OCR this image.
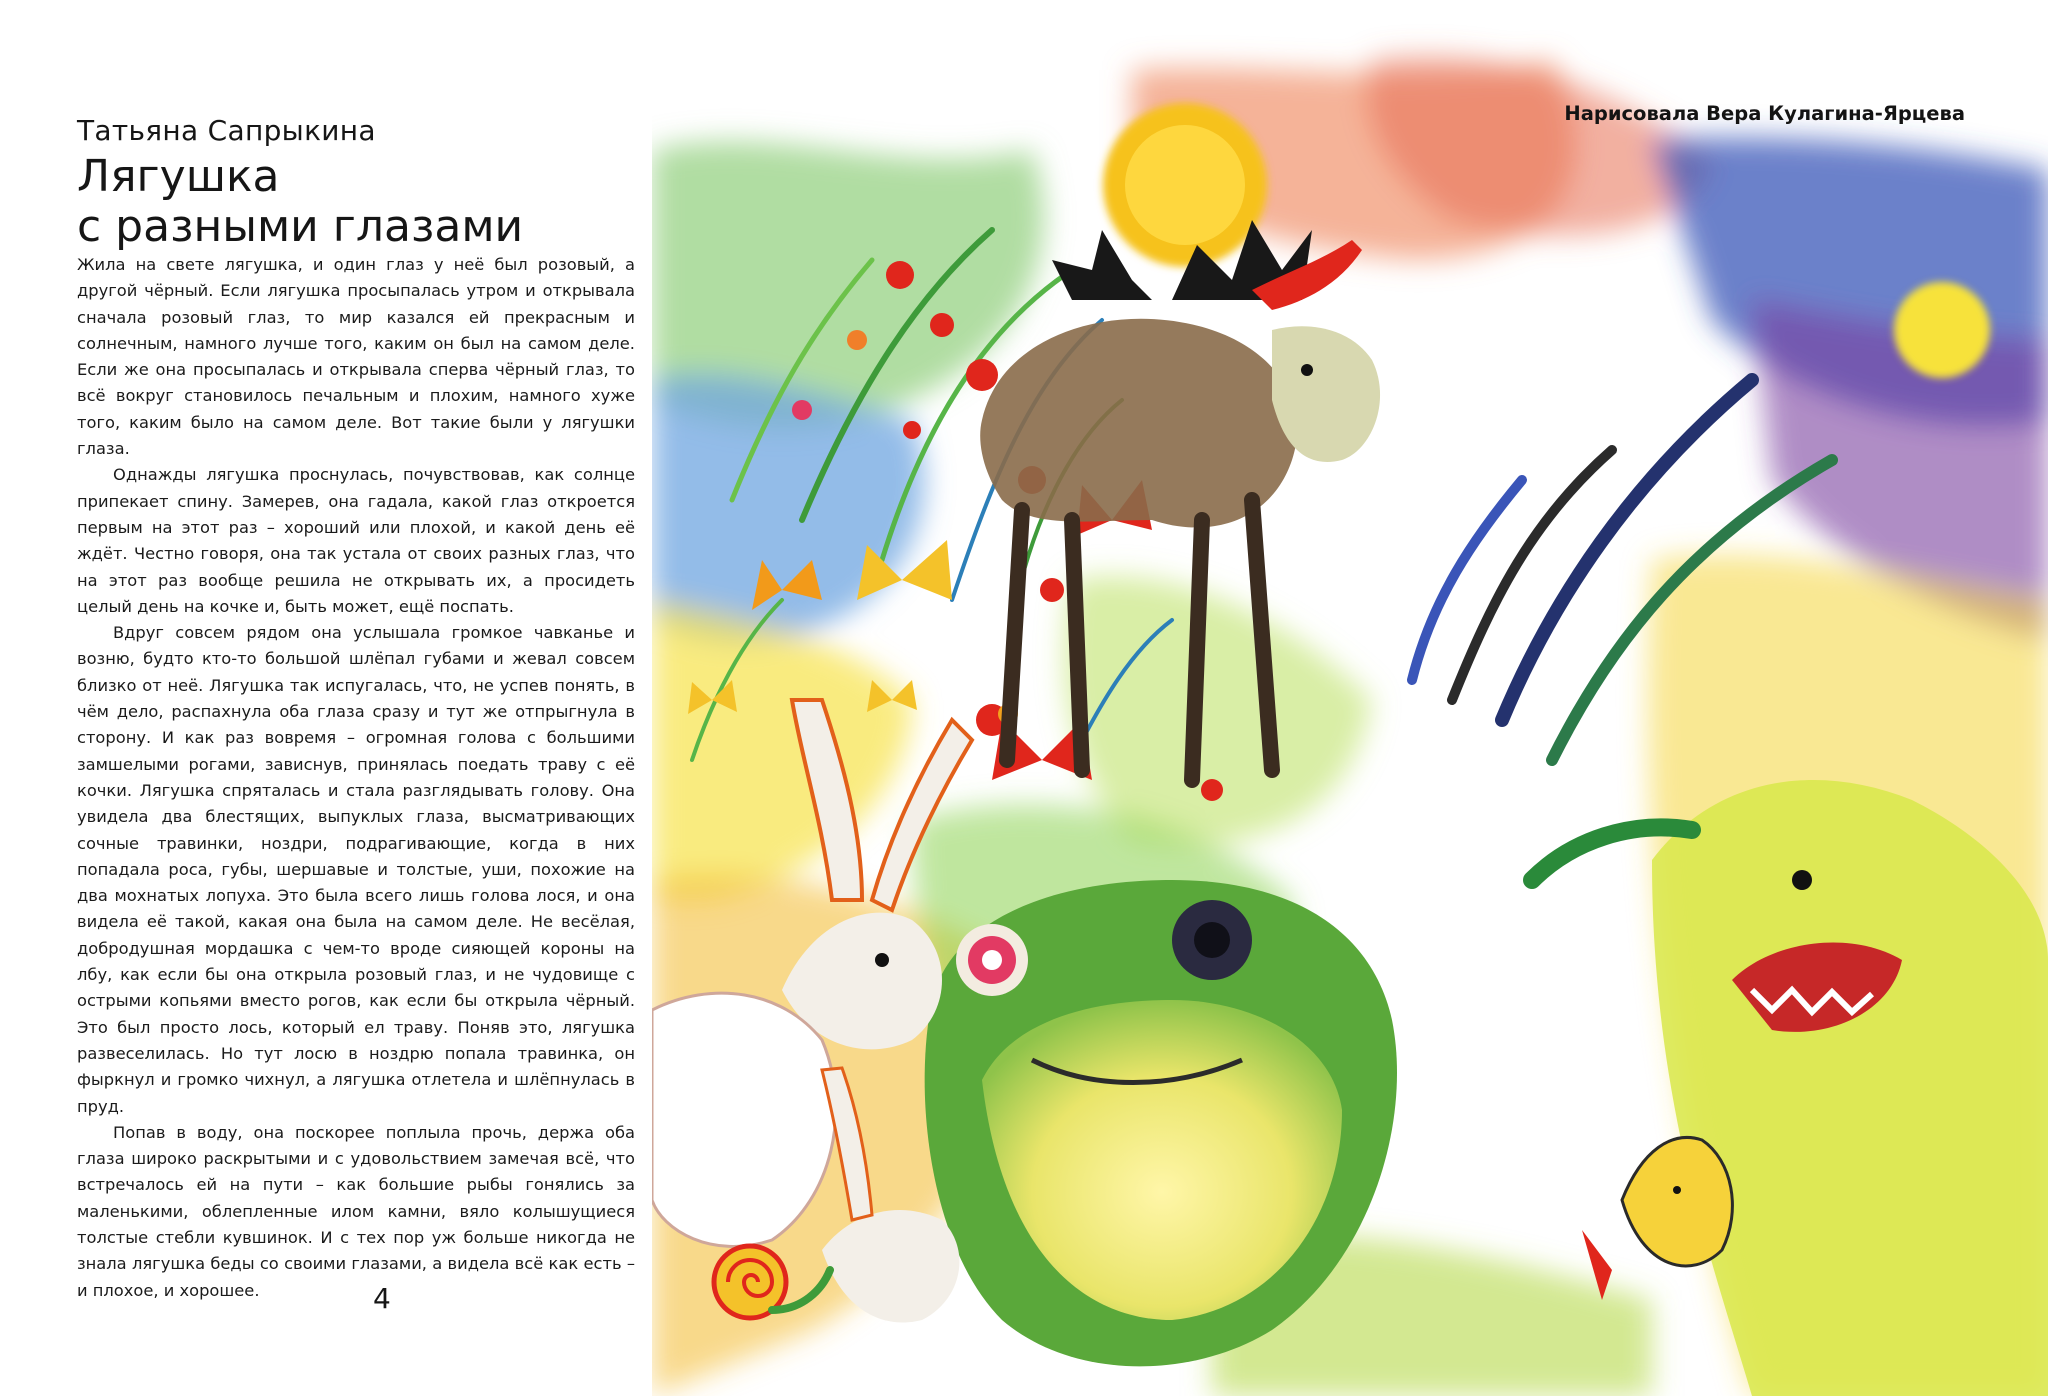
Татьяна Сапрыкина
Лягушка
с разными глазами

Жила на свете лягушка, и один глаз у неё был розовый, а другой чёрный. Если лягушка просыпалась утром и открывала сначала розовый глаз, то мир казался ей прекрасным и солнечным, намного лучше того, каким он был на самом деле. Если же она просыпалась и открывала сперва чёрный глаз, то всё вокруг становилось печальным и плохим, намного хуже того, каким было на самом деле. Вот такие были у лягушки глаза.

Однажды лягушка проснулась, почувствовав, как солнце припекает спину. Замерев, она гадала, какой глаз откроется первым на этот раз – хороший или плохой, и какой день её ждёт. Честно говоря, она так устала от своих разных глаз, что на этот раз вообще решила не открывать их, а просидеть целый день на кочке и, быть может, ещё поспать.

Вдруг совсем рядом она услышала громкое чавканье и возню, будто кто-то большой шлёпал губами и жевал совсем близко от неё. Лягушка так испугалась, что, не успев понять, в чём дело, распахнула оба глаза сразу и тут же отпрыгнула в сторону. И как раз вовремя – огромная голова с большими замшелыми рогами, зависнув, принялась поедать траву с её кочки. Лягушка спряталась и стала разглядывать голову. Она увидела два блестящих, выпуклых глаза, высматривающих сочные травинки, ноздри, подрагивающие, когда в них попадала роса, губы, шершавые и толстые, уши, похожие на два мохнатых лопуха. Это была всего лишь голова лося, и она видела её такой, какая она была на самом деле. Не весёлая, добродушная мордашка с чем-то вроде сияющей короны на лбу, как если бы она открыла розовый глаз, и не чудовище с острыми копьями вместо рогов, как если бы открыла чёрный. Это был просто лось, который ел траву. Поняв это, лягушка развеселилась. Но тут лосю в ноздрю попала травинка, он фыркнул и громко чихнул, а лягушка отлетела и шлёпнулась в пруд.

Попав в воду, она поскорее поплыла прочь, держа оба глаза широко раскрытыми и с удовольствием замечая всё, что встречалось ей на пути – как большие рыбы гонялись за маленькими, облепленные илом камни, вяло колышущиеся толстые стебли кувшинок. И с тех пор уж больше никогда не знала лягушка беды со своими глазами, а видела всё как есть – и плохое, и хорошее.	4
Нарисовала Вера Кулагина-Ярцева
